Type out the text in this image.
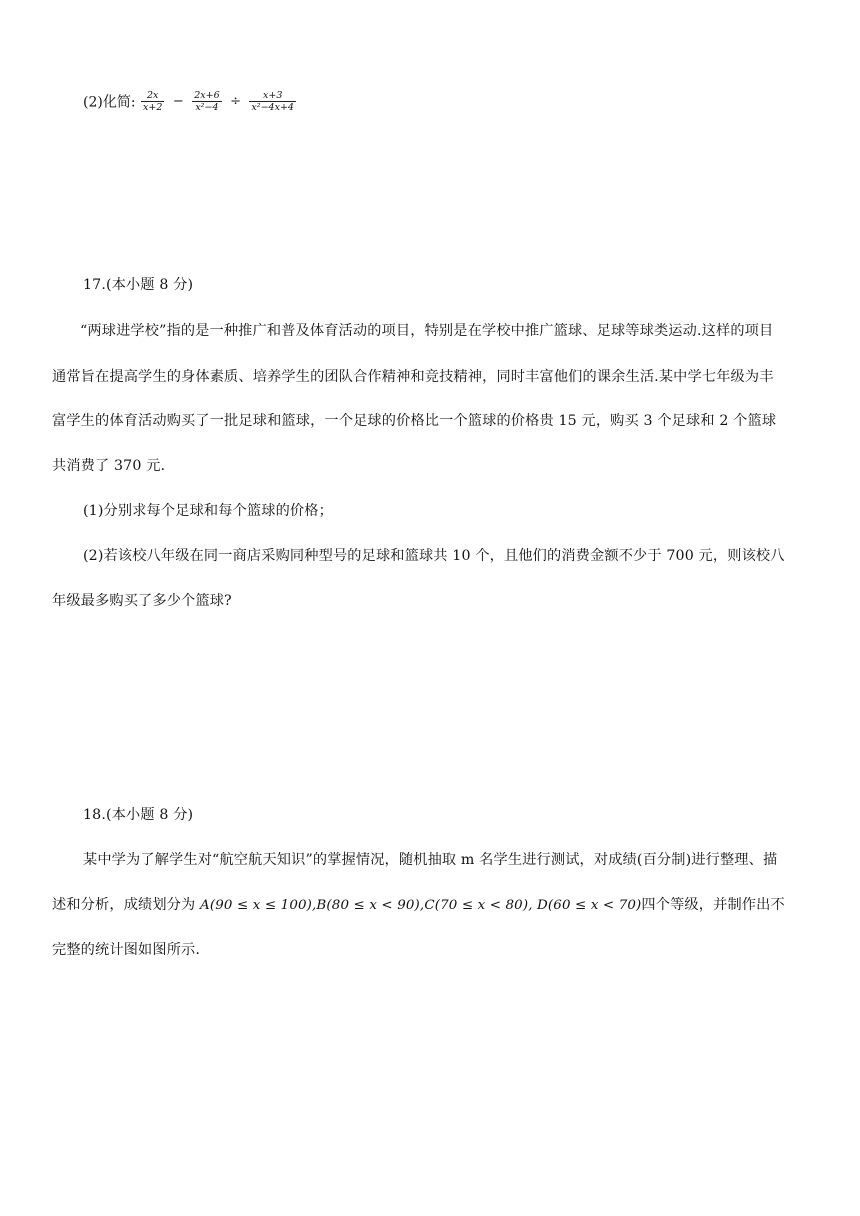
(2)化简: $\frac{2x}{x+2} - \frac{2x+6}{\text{x²−4}} \div \frac{x+3}{\text{x²−4x+4}}$
17.(本小题 8 分)
“两球进学校”指的是一种推广和普及体育活动的项目，特别是在学校中推广篮球、足球等球类运动.这样的项目
通常旨在提高学生的身体素质、培养学生的团队合作精神和竞技精神，同时丰富他们的课余生活.某中学七年级为丰
富学生的体育活动购买了一批足球和篮球，一个足球的价格比一个篮球的价格贵 15 元，购买 3 个足球和 2 个篮球
共消费了 370 元.
(1)分别求每个足球和每个篮球的价格；
(2)若该校八年级在同一商店采购同种型号的足球和篮球共 10 个，且他们的消费金额不少于 700 元，则该校八
年级最多购买了多少个篮球?
18.(本小题 8 分)
某中学为了解学生对“航空航天知识”的掌握情况，随机抽取 m 名学生进行测试，对成绩(百分制)进行整理、描
述和分析，成绩划分为 A(90 ≤ x ≤ 100),B(80 ≤ x < 90),C(70 ≤ x < 80), D(60 ≤ x < 70)四个等级，并制作出不
完整的统计图如图所示.
